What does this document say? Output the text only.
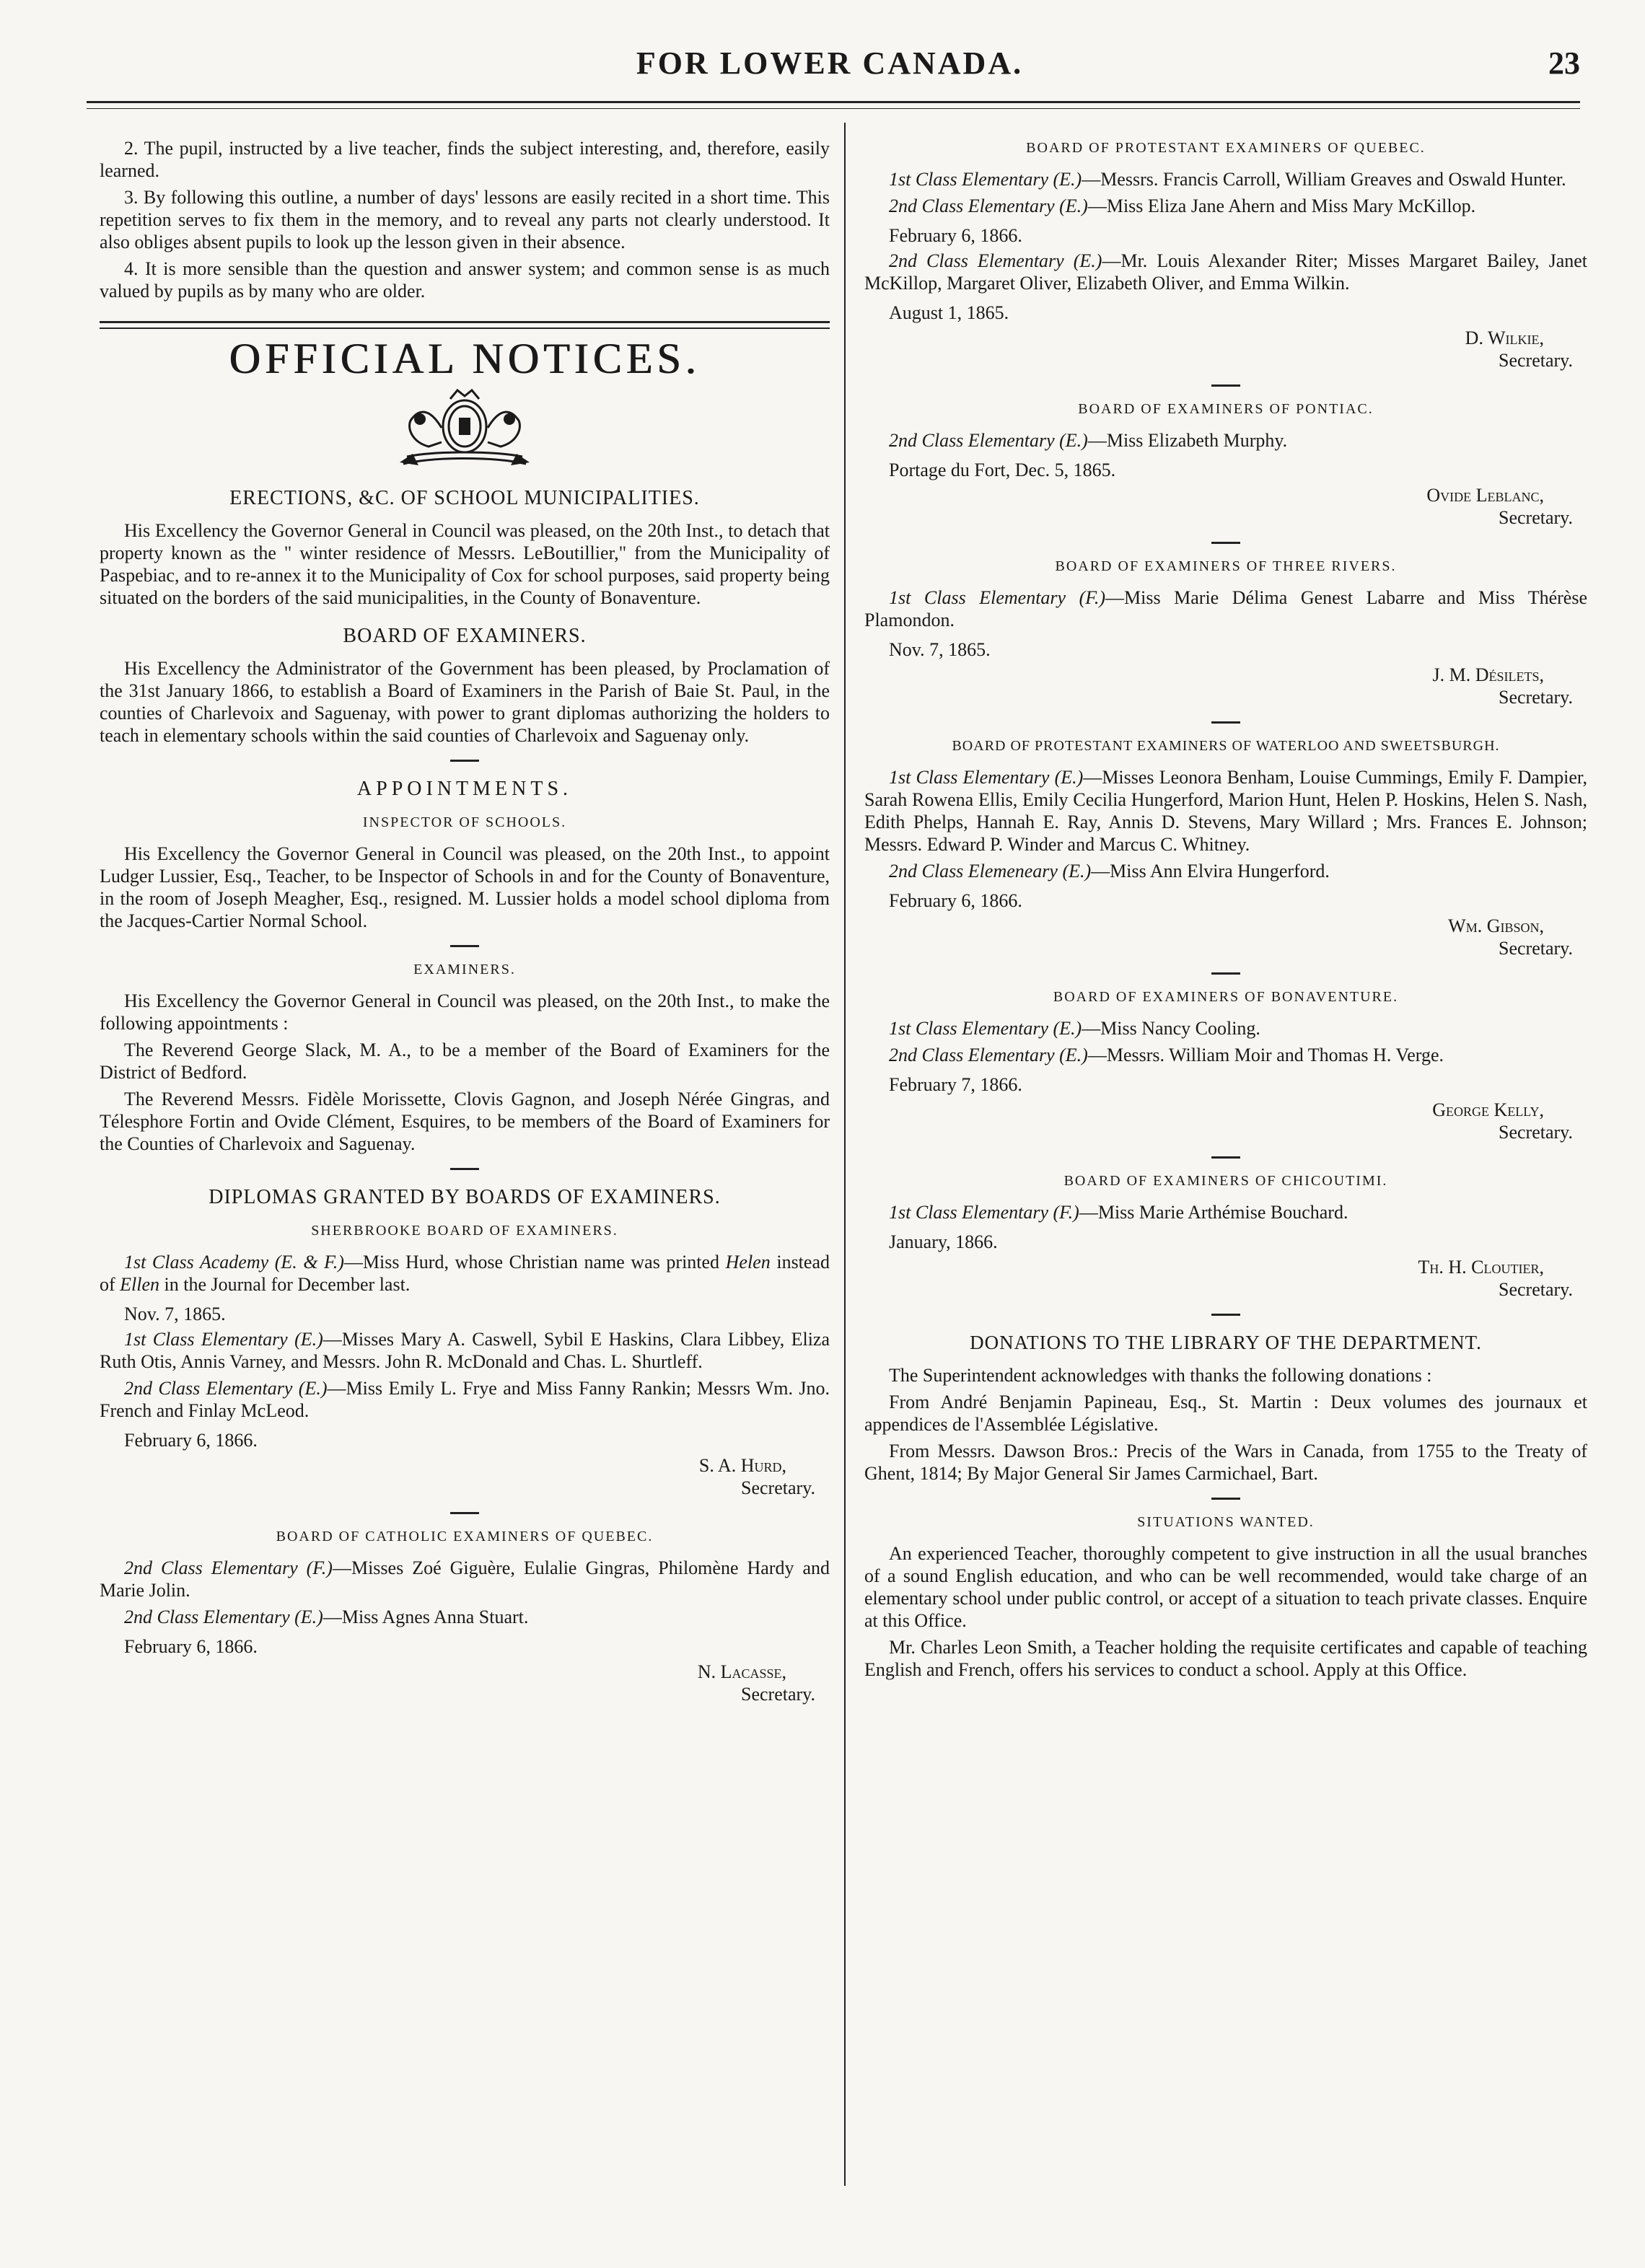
FOR LOWER CANADA.	23

2. The pupil, instructed by a live teacher, finds the subject interesting, and, therefore, easily learned.

3. By following this outline, a number of days' lessons are easily recited in a short time. This repetition serves to fix them in the memory, and to reveal any parts not clearly understood. It also obliges absent pupils to look up the lesson given in their absence.

4. It is more sensible than the question and answer system; and common sense is as much valued by pupils as by many who are older.

OFFICIAL NOTICES.
ERECTIONS, &C. OF SCHOOL MUNICIPALITIES.

His Excellency the Governor General in Council was pleased, on the 20th Inst., to detach that property known as the " winter residence of Messrs. LeBoutillier," from the Municipality of Paspebiac, and to re-annex it to the Municipality of Cox for school purposes, said property being situated on the borders of the said municipalities, in the County of Bonaventure.

BOARD OF EXAMINERS.

His Excellency the Administrator of the Government has been pleased, by Proclamation of the 31st January 1866, to establish a Board of Examiners in the Parish of Baie St. Paul, in the counties of Charlevoix and Saguenay, with power to grant diplomas authorizing the holders to teach in elementary schools within the said counties of Charlevoix and Saguenay only.

APPOINTMENTS.
INSPECTOR OF SCHOOLS.

His Excellency the Governor General in Council was pleased, on the 20th Inst., to appoint Ludger Lussier, Esq., Teacher, to be Inspector of Schools in and for the County of Bonaventure, in the room of Joseph Meagher, Esq., resigned. M. Lussier holds a model school diploma from the Jacques-Cartier Normal School.

EXAMINERS.

His Excellency the Governor General in Council was pleased, on the 20th Inst., to make the following appointments :

The Reverend George Slack, M. A., to be a member of the Board of Examiners for the District of Bedford.

The Reverend Messrs. Fidèle Morissette, Clovis Gagnon, and Joseph Nérée Gingras, and Télesphore Fortin and Ovide Clément, Esquires, to be members of the Board of Examiners for the Counties of Charlevoix and Saguenay.

DIPLOMAS GRANTED BY BOARDS OF EXAMINERS.
SHERBROOKE BOARD OF EXAMINERS.

1st Class Academy (E. & F.)—Miss Hurd, whose Christian name was printed Helen instead of Ellen in the Journal for December last.

Nov. 7, 1865.

1st Class Elementary (E.)—Misses Mary A. Caswell, Sybil E Haskins, Clara Libbey, Eliza Ruth Otis, Annis Varney, and Messrs. John R. McDonald and Chas. L. Shurtleff.

2nd Class Elementary (E.)—Miss Emily L. Frye and Miss Fanny Rankin; Messrs Wm. Jno. French and Finlay McLeod.

February 6, 1866.

S. A. Hurd,

Secretary.

BOARD OF CATHOLIC EXAMINERS OF QUEBEC.

2nd Class Elementary (F.)—Misses Zoé Giguère, Eulalie Gingras, Philomène Hardy and Marie Jolin.

2nd Class Elementary (E.)—Miss Agnes Anna Stuart.

February 6, 1866.

N. Lacasse,

Secretary.

BOARD OF PROTESTANT EXAMINERS OF QUEBEC.

1st Class Elementary (E.)—Messrs. Francis Carroll, William Greaves and Oswald Hunter.

2nd Class Elementary (E.)—Miss Eliza Jane Ahern and Miss Mary McKillop.

February 6, 1866.

2nd Class Elementary (E.)—Mr. Louis Alexander Riter; Misses Margaret Bailey, Janet McKillop, Margaret Oliver, Elizabeth Oliver, and Emma Wilkin.

August 1, 1865.

D. Wilkie,

Secretary.

BOARD OF EXAMINERS OF PONTIAC.

2nd Class Elementary (E.)—Miss Elizabeth Murphy.

Portage du Fort, Dec. 5, 1865.

Ovide Leblanc,

Secretary.

BOARD OF EXAMINERS OF THREE RIVERS.

1st Class Elementary (F.)—Miss Marie Délima Genest Labarre and Miss Thérèse Plamondon.

Nov. 7, 1865.

J. M. Désilets,

Secretary.

BOARD OF PROTESTANT EXAMINERS OF WATERLOO AND SWEETSBURGH.

1st Class Elementary (E.)—Misses Leonora Benham, Louise Cummings, Emily F. Dampier, Sarah Rowena Ellis, Emily Cecilia Hungerford, Marion Hunt, Helen P. Hoskins, Helen S. Nash, Edith Phelps, Hannah E. Ray, Annis D. Stevens, Mary Willard ; Mrs. Frances E. Johnson; Messrs. Edward P. Winder and Marcus C. Whitney.

2nd Class Elemeneary (E.)—Miss Ann Elvira Hungerford.

February 6, 1866.

Wm. Gibson,

Secretary.

BOARD OF EXAMINERS OF BONAVENTURE.

1st Class Elementary (E.)—Miss Nancy Cooling.

2nd Class Elementary (E.)—Messrs. William Moir and Thomas H. Verge.

February 7, 1866.

George Kelly,

Secretary.

BOARD OF EXAMINERS OF CHICOUTIMI.

1st Class Elementary (F.)—Miss Marie Arthémise Bouchard.

January, 1866.

Th. H. Cloutier,

Secretary.

DONATIONS TO THE LIBRARY OF THE DEPARTMENT.

The Superintendent acknowledges with thanks the following donations :

From André Benjamin Papineau, Esq., St. Martin : Deux volumes des journaux et appendices de l'Assemblée Législative.

From Messrs. Dawson Bros.: Precis of the Wars in Canada, from 1755 to the Treaty of Ghent, 1814; By Major General Sir James Carmichael, Bart.

SITUATIONS WANTED.

An experienced Teacher, thoroughly competent to give instruction in all the usual branches of a sound English education, and who can be well recommended, would take charge of an elementary school under public control, or accept of a situation to teach private classes. Enquire at this Office.

Mr. Charles Leon Smith, a Teacher holding the requisite certificates and capable of teaching English and French, offers his services to conduct a school. Apply at this Office.
